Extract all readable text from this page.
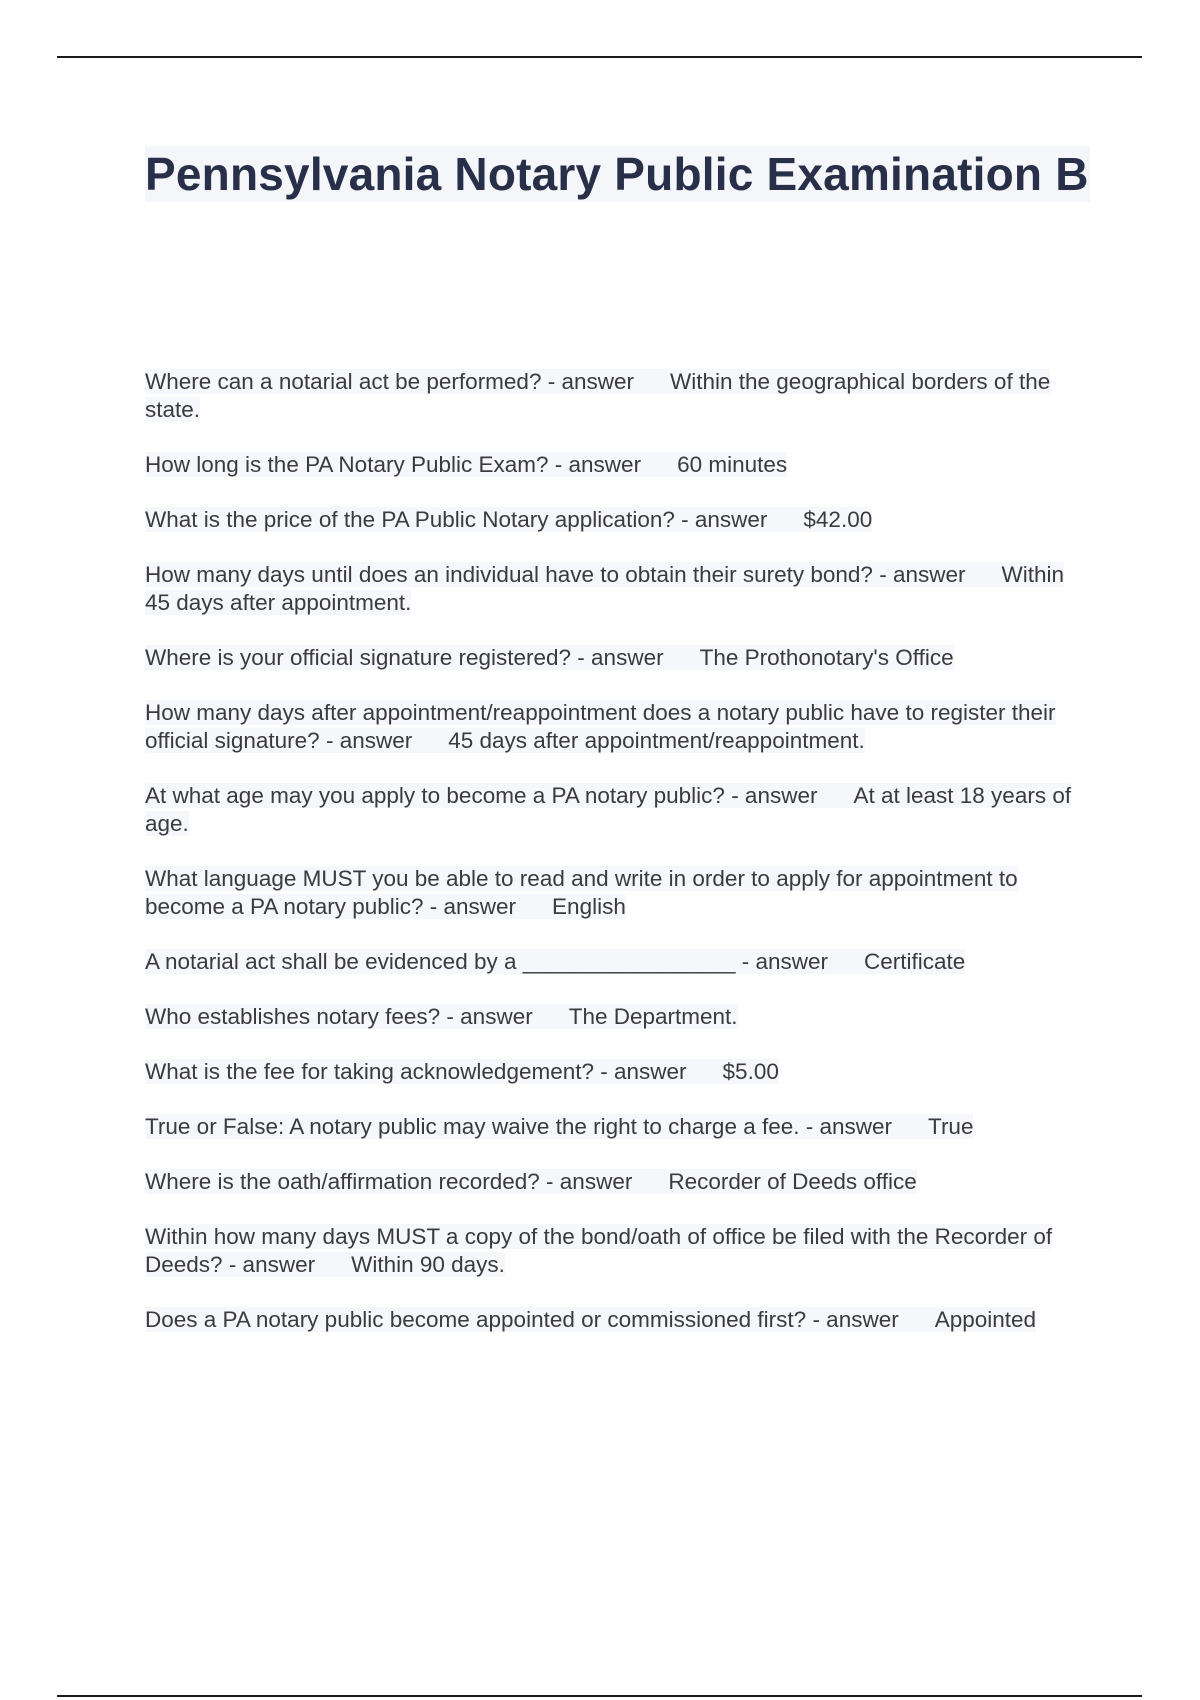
Pennsylvania Notary Public Examination B

Where can a notarial act be performed? - answer Within the geographical borders of the state.

How long is the PA Notary Public Exam? - answer 60 minutes

What is the price of the PA Public Notary application? - answer $42.00

How many days until does an individual have to obtain their surety bond? - answer Within 45 days after appointment.

Where is your official signature registered? - answer The Prothonotary's Office

How many days after appointment/reappointment does a notary public have to register their official signature? - answer 45 days after appointment/reappointment.

At what age may you apply to become a PA notary public? - answer At at least 18 years of age.

What language MUST you be able to read and write in order to apply for appointment to become a PA notary public? - answer English

A notarial act shall be evidenced by a _________________ - answer Certificate

Who establishes notary fees? - answer The Department.

What is the fee for taking acknowledgement? - answer $5.00

True or False: A notary public may waive the right to charge a fee. - answer True

Where is the oath/affirmation recorded? - answer Recorder of Deeds office

Within how many days MUST a copy of the bond/oath of office be filed with the Recorder of Deeds? - answer Within 90 days.

Does a PA notary public become appointed or commissioned first? - answer Appointed
